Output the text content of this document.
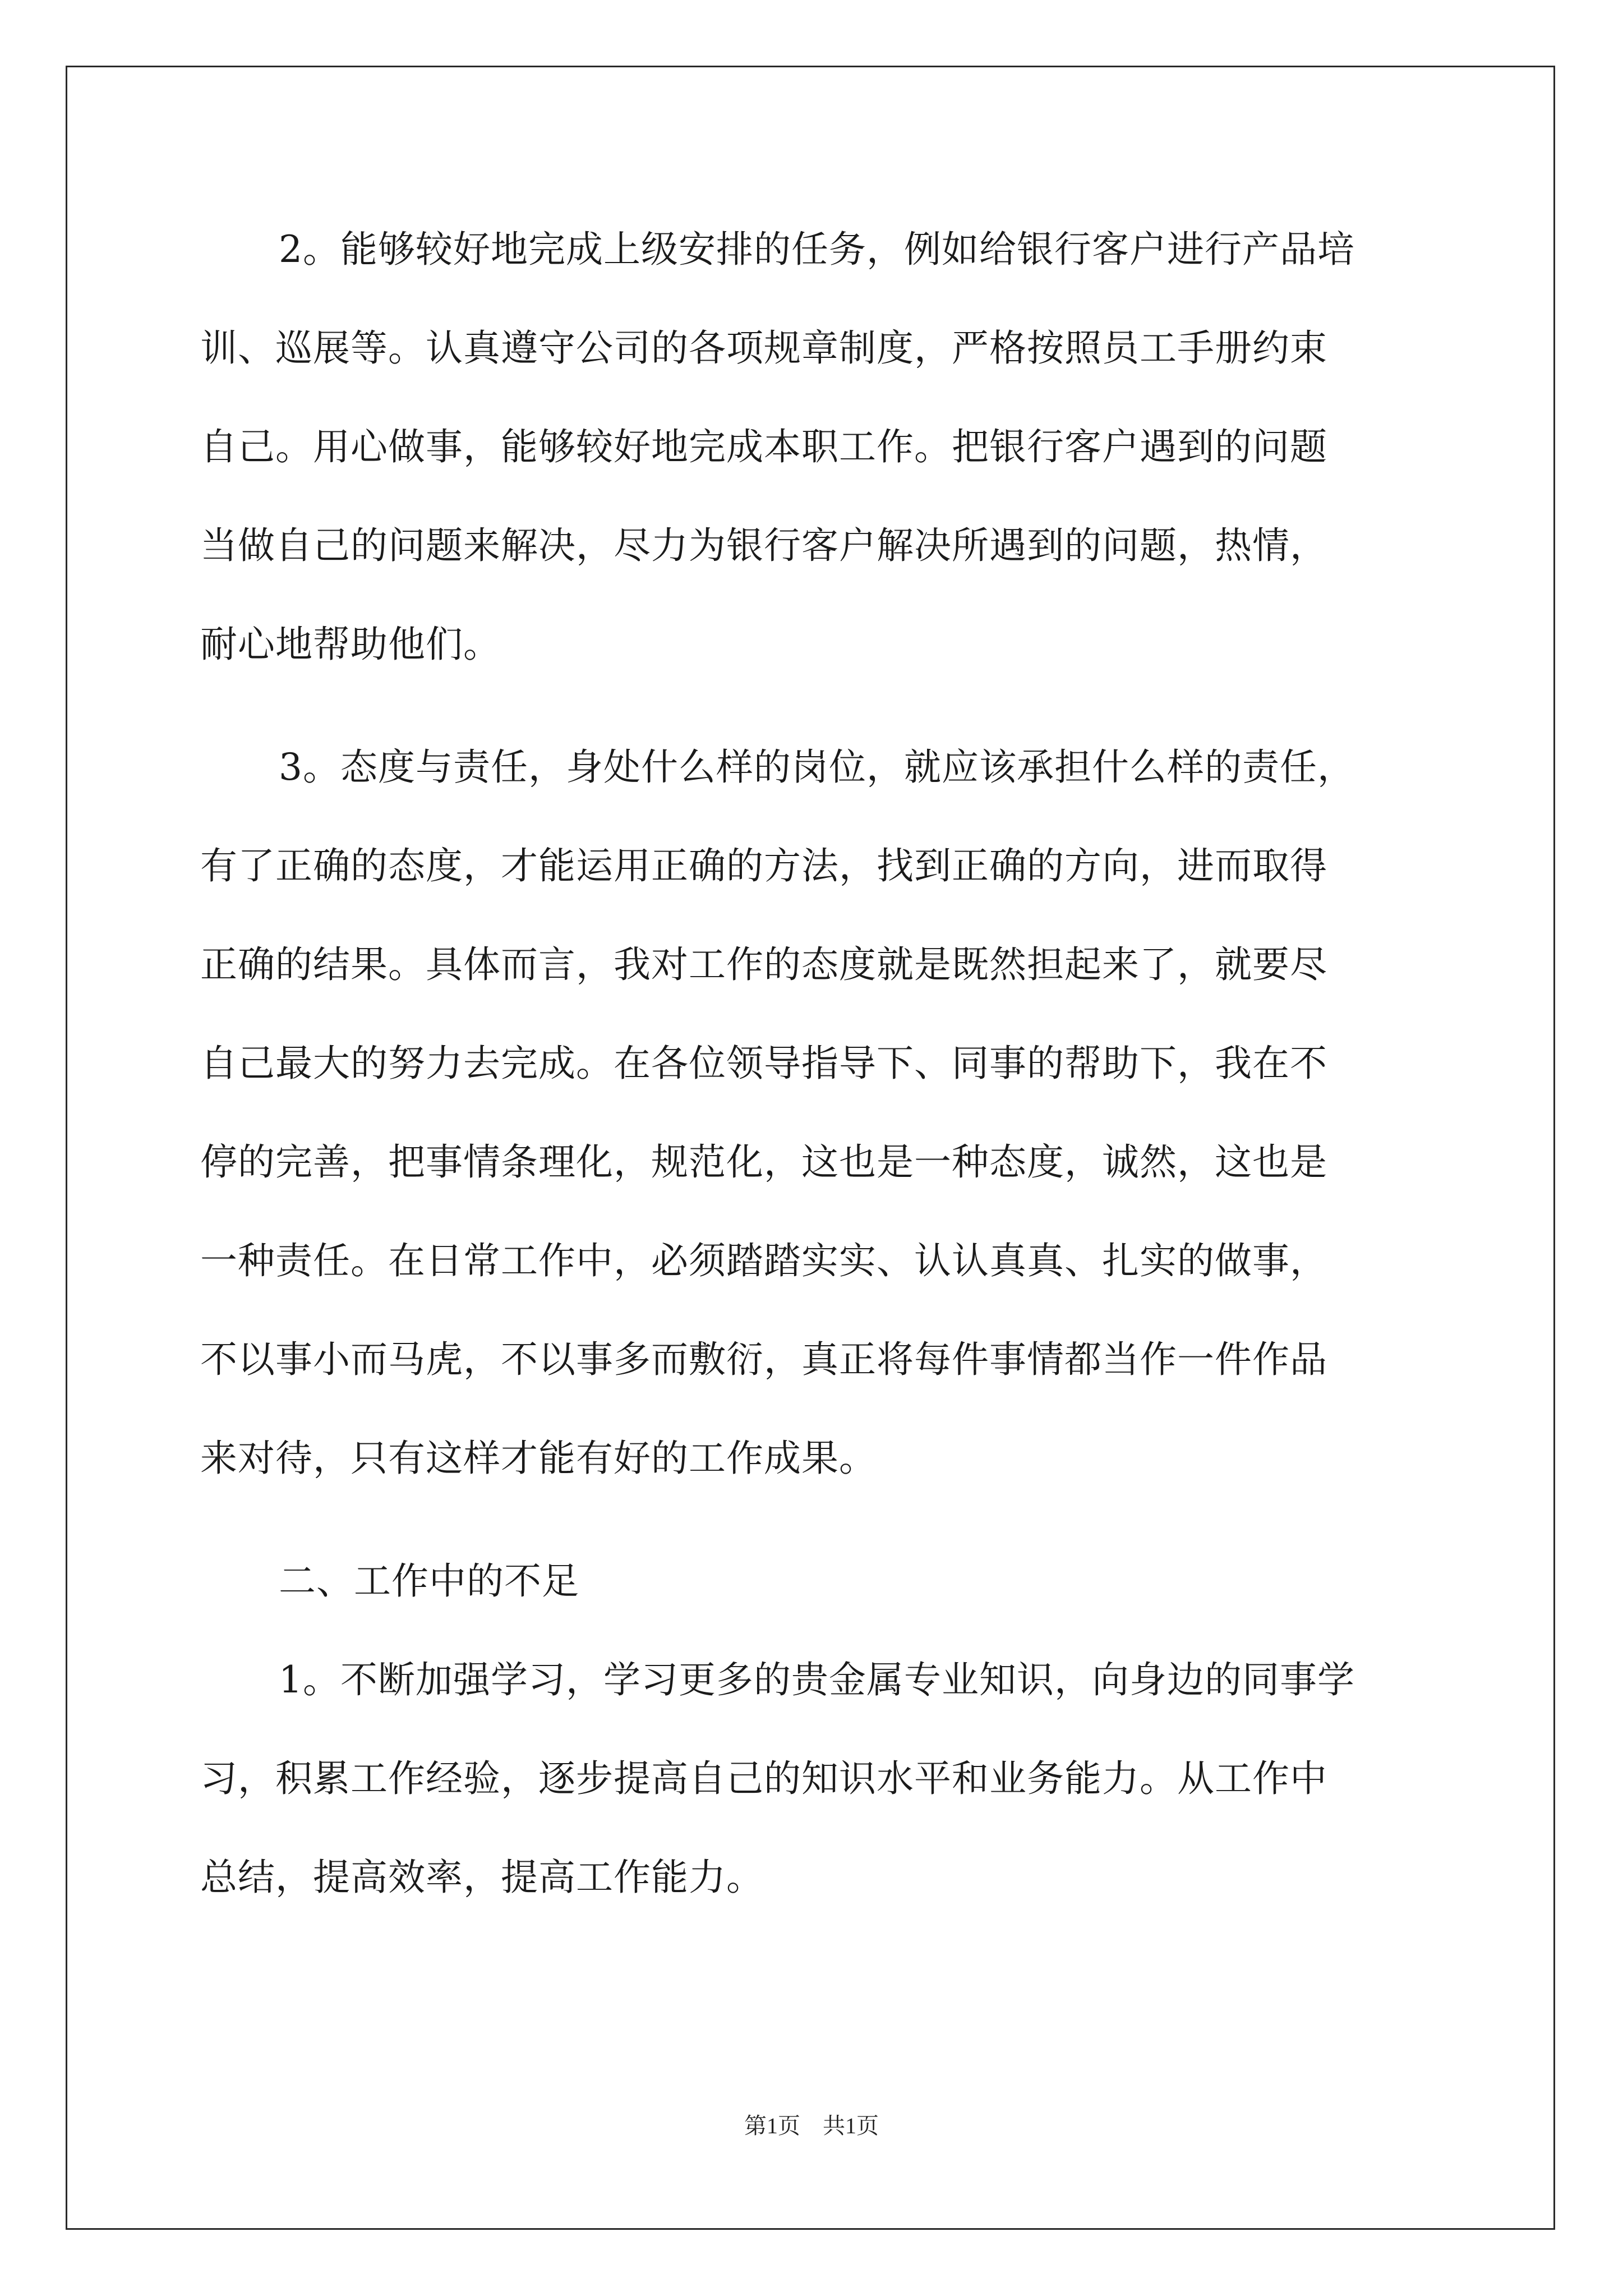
2。能够较好地完成上级安排的任务，例如给银行客户进行产品培
训、巡展等。认真遵守公司的各项规章制度，严格按照员工手册约束
自己。用心做事，能够较好地完成本职工作。把银行客户遇到的问题
当做自己的问题来解决，尽力为银行客户解决所遇到的问题，热情，
耐心地帮助他们。
3。态度与责任，身处什么样的岗位，就应该承担什么样的责任，
有了正确的态度，才能运用正确的方法，找到正确的方向，进而取得
正确的结果。具体而言，我对工作的态度就是既然担起来了，就要尽
自己最大的努力去完成。在各位领导指导下、同事的帮助下，我在不
停的完善，把事情条理化，规范化，这也是一种态度，诚然，这也是
一种责任。在日常工作中，必须踏踏实实、认认真真、扎实的做事，
不以事小而马虎，不以事多而敷衍，真正将每件事情都当作一件作品
来对待，只有这样才能有好的工作成果。
二、工作中的不足
1。不断加强学习，学习更多的贵金属专业知识，向身边的同事学
习，积累工作经验，逐步提高自己的知识水平和业务能力。从工作中
总结，提高效率，提高工作能力。
第1页　共1页
